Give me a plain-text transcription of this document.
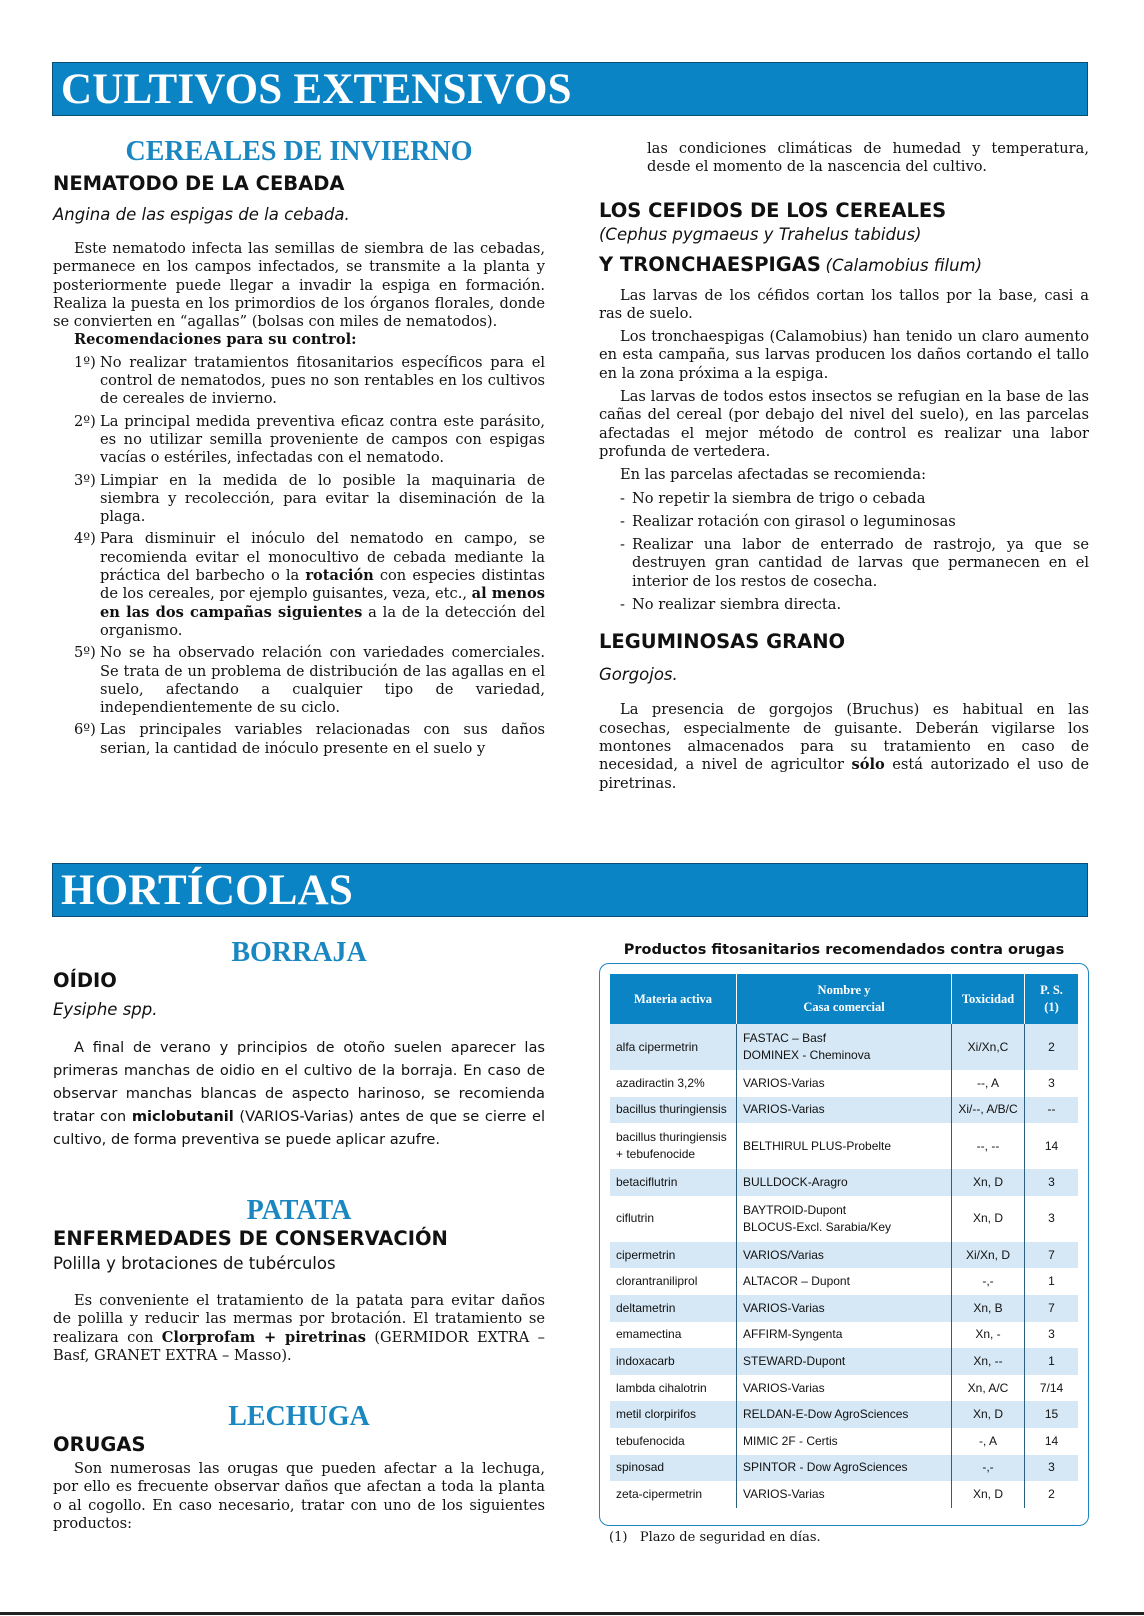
CULTIVOS EXTENSIVOS
CEREALES DE INVIERNO
NEMATODO DE LA CEBADA
Angina de las espigas de la cebada.

Este nematodo infecta las semillas de siembra de las cebadas, permanece en los campos infectados, se transmite a la planta y posteriormente puede llegar a invadir la espiga en formación. Realiza la puesta en los primordios de los órganos florales, donde se convierten en “agallas” (bolsas con miles de nematodos).

Recomendaciones para su control:

1º) No realizar tratamientos fitosanitarios específicos para el control de nematodos, pues no son rentables en los cultivos de cereales de invierno.
2º) La principal medida preventiva eficaz contra este parásito, es no utilizar semilla proveniente de campos con espigas vacías o estériles, infectadas con el nematodo.
3º) Limpiar en la medida de lo posible la maquinaria de siembra y recolección, para evitar la diseminación de la plaga.
4º) Para disminuir el inóculo del nematodo en campo, se recomienda evitar el monocultivo de cebada mediante la práctica del barbecho o la rotación con especies distintas de los cereales, por ejemplo guisantes, veza, etc., al menos en las dos campañas siguientes a la de la detección del organismo.
5º) No se ha observado relación con variedades comerciales. Se trata de un problema de distribución de las agallas en el suelo, afectando a cualquier tipo de variedad, independientemente de su ciclo.
6º) Las principales variables relacionadas con sus daños serian, la cantidad de inóculo presente en el suelo y

las condiciones climáticas de humedad y temperatura, desde el momento de la nascencia del cultivo.

LOS CEFIDOS DE LOS CEREALES
(Cephus pygmaeus y Trahelus tabidus)
Y TRONCHAESPIGAS (Calamobius filum)

Las larvas de los céfidos cortan los tallos por la base, casi a ras de suelo.

Los tronchaespigas (Calamobius) han tenido un claro aumento en esta campaña, sus larvas producen los daños cortando el tallo en la zona próxima a la espiga.

Las larvas de todos estos insectos se refugian en la base de las cañas del cereal (por debajo del nivel del suelo), en las parcelas afectadas el mejor método de control es realizar una labor profunda de vertedera.

En las parcelas afectadas se recomienda:

- No repetir la siembra de trigo o cebada
- Realizar rotación con girasol o leguminosas
- Realizar una labor de enterrado de rastrojo, ya que se destruyen gran cantidad de larvas que permanecen en el interior de los restos de cosecha.
- No realizar siembra directa.
LEGUMINOSAS GRANO
Gorgojos.

La presencia de gorgojos (Bruchus) es habitual en las cosechas, especialmente de guisante. Deberán vigilarse los montones almacenados para su tratamiento en caso de necesidad, a nivel de agricultor sólo está autorizado el uso de piretrinas.

HORTÍCOLAS
BORRAJA
OÍDIO
Eysiphe spp.

A final de verano y principios de otoño suelen aparecer las primeras manchas de oidio en el cultivo de la borraja. En caso de observar manchas blancas de aspecto harinoso, se recomienda tratar con miclobutanil (VARIOS-Varias) antes de que se cierre el cultivo, de forma preventiva se puede aplicar azufre.

PATATA
ENFERMEDADES DE CONSERVACIÓN
Polilla y brotaciones de tubérculos

Es conveniente el tratamiento de la patata para evitar daños de polilla y reducir las mermas por brotación. El tratamiento se realizara con Clorprofam + piretrinas (GERMIDOR EXTRA – Basf, GRANET EXTRA – Masso).

LECHUGA
ORUGAS

Son numerosas las orugas que pueden afectar a la lechuga, por ello es frecuente observar daños que afectan a toda la planta o al cogollo. En caso necesario, tratar con uno de los siguientes productos:

Productos fitosanitarios recomendados contra orugas
Materia activa	Nombre y
Casa comercial	Toxicidad	P. S.
(1)
alfa cipermetrin	FASTAC – Basf
DOMINEX - Cheminova	Xi/Xn,C	2
azadiractin 3,2%	VARIOS-Varias	--, A	3
bacillus thuringiensis	VARIOS-Varias	Xi/--, A/B/C	--
bacillus thuringiensis
+ tebufenocide	BELTHIRUL PLUS-Probelte	--, --	14
betaciflutrin	BULLDOCK-Aragro	Xn, D	3
ciflutrin	BAYTROID-Dupont
BLOCUS-Excl. Sarabia/Key	Xn, D	3
cipermetrin	VARIOS/Varias	Xi/Xn, D	7
clorantraniliprol	ALTACOR – Dupont	-,-	1
deltametrin	VARIOS-Varias	Xn, B	7
emamectina	AFFIRM-Syngenta	Xn, -	3
indoxacarb	STEWARD-Dupont	Xn, --	1
lambda cihalotrin	VARIOS-Varias	Xn, A/C	7/14
metil clorpirifos	RELDAN-E-Dow AgroSciences	Xn, D	15
tebufenocida	MIMIC 2F - Certis	-, A	14
spinosad	SPINTOR - Dow AgroSciences	-,-	3
zeta-cipermetrin	VARIOS-Varias	Xn, D	2
(1) Plazo de seguridad en días.
